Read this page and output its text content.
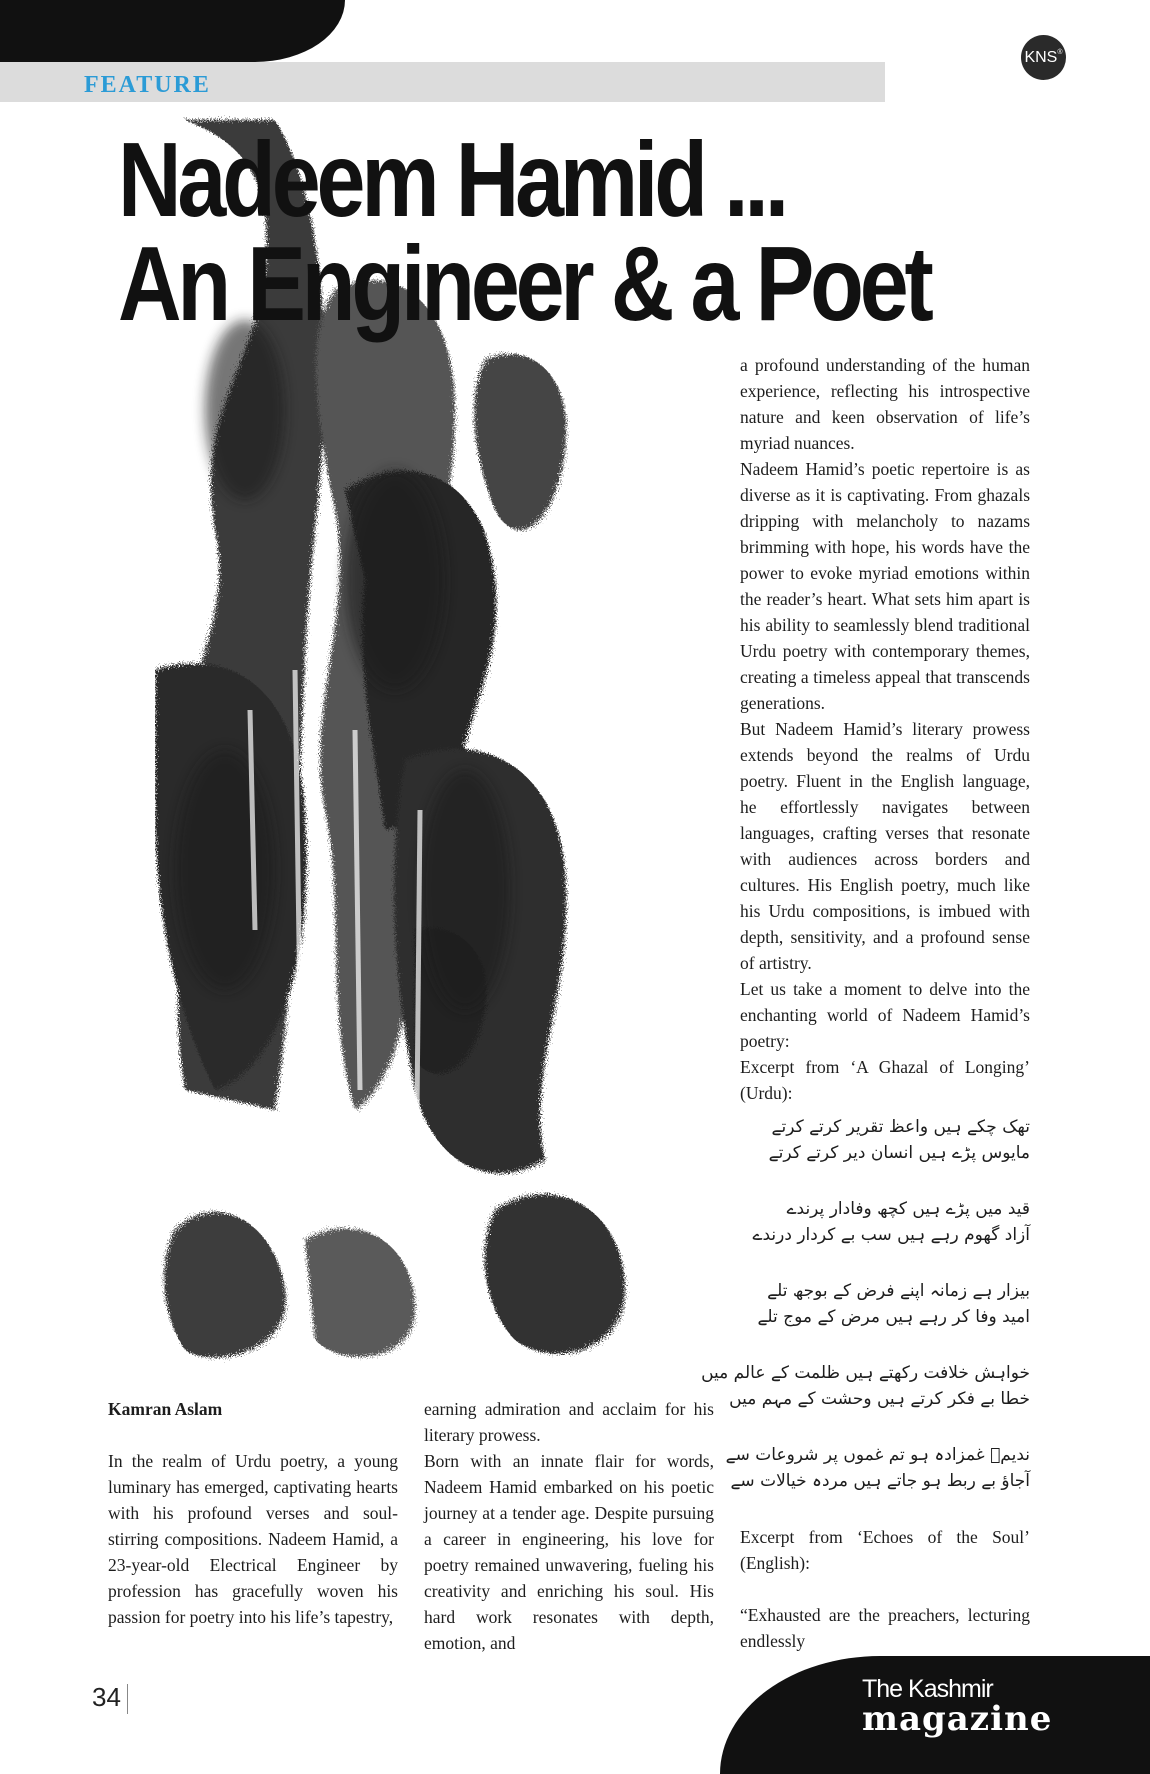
FEATURE
KNS®
Nadeem Hamid ...
An Engineer & a Poet

Kamran Aslam

In the realm of Urdu poetry, a young luminary has emerged, captivating hearts with his profound verses and soul-stirring compositions. Nadeem Hamid, a 23-year-old Electrical Engineer by profession has gracefully woven his passion for poetry into his life’s tapestry,

earning admiration and acclaim for his literary prowess.

Born with an innate flair for words, Nadeem Hamid embarked on his poetic journey at a tender age. Despite pursuing a career in engineering, his love for poetry remained unwavering, fueling his creativity and enriching his soul. His hard work resonates with depth, emotion, and

a profound understanding of the human experience, reflecting his introspective nature and keen observation of life’s myriad nuances.

Nadeem Hamid’s poetic repertoire is as diverse as it is captivating. From ghazals dripping with melancholy to nazams brimming with hope, his words have the power to evoke myriad emotions within the reader’s heart. What sets him apart is his ability to seamlessly blend traditional Urdu poetry with contemporary themes, creating a timeless appeal that transcends generations.

But Nadeem Hamid’s literary prowess extends beyond the realms of Urdu poetry. Fluent in the English language, he effortlessly navigates between languages, crafting verses that resonate with audiences across borders and cultures. His English poetry, much like his Urdu compositions, is imbued with depth, sensitivity, and a profound sense of artistry.

Let us take a moment to delve into the enchanting world of Nadeem Hamid’s poetry:

Excerpt from ‘A Ghazal of Longing’ (Urdu):

تھک چکے ہیں واعظ تقریر کرتے کرتے
مایوس پڑے ہیں انسان دیر کرتے کرتے
قید میں پڑے ہیں کچھ وفادار پرندے
آزاد گھوم رہے ہیں سب بے کردار درندے
بیزار ہے زمانہ اپنے فرض کے بوجھ تلے
امید وفا کر رہے ہیں مرض کے موج تلے
خواہش خلافت رکھتے ہیں ظلمت کے عالم میں
خطا بے فکر کرتے ہیں وحشت کے مہم میں
ندیمؔ غمزادہ ہو تم غموں پر شروعات سے
آجاؤ بے ربط ہو جاتے ہیں مردہ خیالات سے

Excerpt from ‘Echoes of the Soul’ (English):

“Exhausted are the preachers, lecturing endlessly

34	The Kashmir
magazine
